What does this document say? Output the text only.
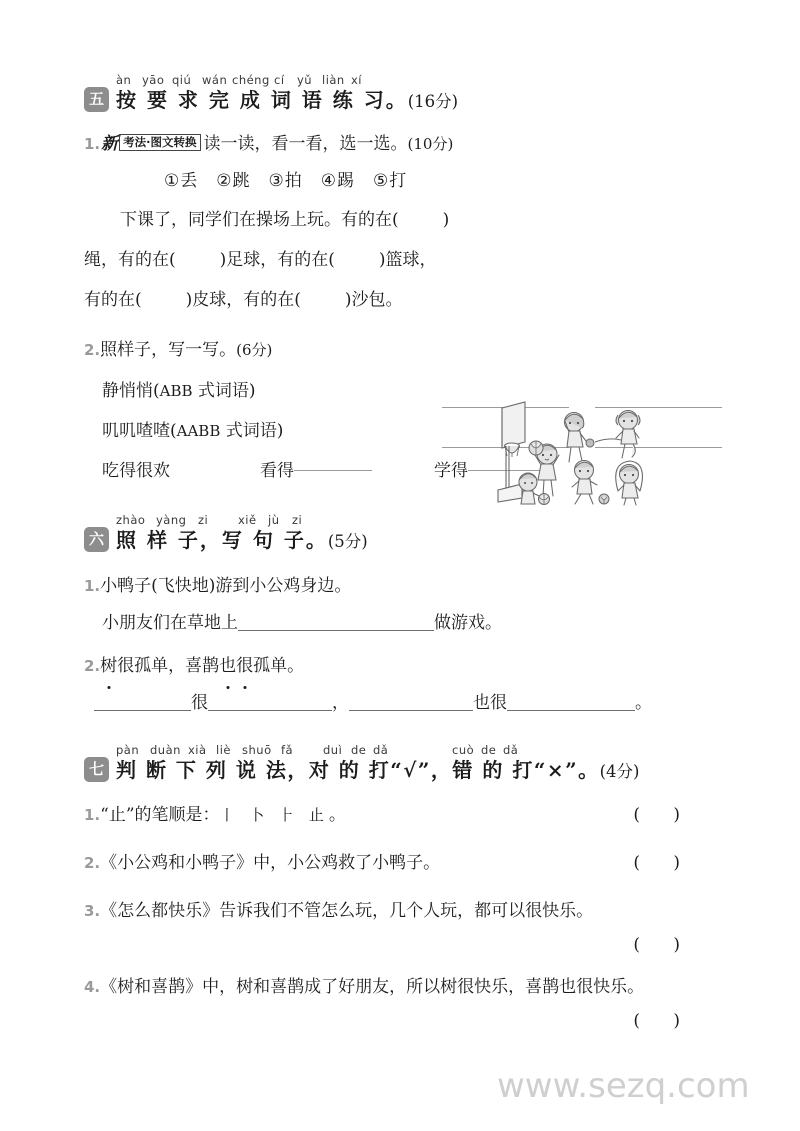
五
àn yāo qiú wán chéng cí yǔ liàn xí
按 要 求 完 成 词 语 练 习。(16分)
1.新 考法·图文转换 读一读，看一看，选一选。(10分)
①丢 ②跳 ③拍 ④踢 ⑤打
下课了，同学们在操场上玩。有的在(	)
绳，有的在(	)足球，有的在(	)篮球，
有的在(	)皮球，有的在(	)沙包。
2.照样子，写一写。(6分)
静悄悄(ABB 式词语)
叽叽喳喳(AABB 式词语)
吃得很欢	看得	学得
六
zhào yàng zi	xiě jù zi
照 样 子，写 句 子。(5分)
1.小鸭子(飞快地)游到小公鸡身边。
小朋友们在草地上	做游戏。
2.树很孤单，喜鹊也很孤单。
很	，	也很	。
七
pàn duàn xià liè shuō fǎ	duì de dǎ	cuò de dǎ
判 断 下 列 说 法，对 的 打“√”，错 的 打“×”。(4分)
1.“止”的笔顺是：丨 卜 ⺊ 止。	( )
2.《小公鸡和小鸭子》中，小公鸡救了小鸭子。	( )
3.《怎么都快乐》告诉我们不管怎么玩，几个人玩，都可以很快乐。
( )
4.《树和喜鹊》中，树和喜鹊成了好朋友，所以树很快乐，喜鹊也很快乐。
( )
www.sezq.com
